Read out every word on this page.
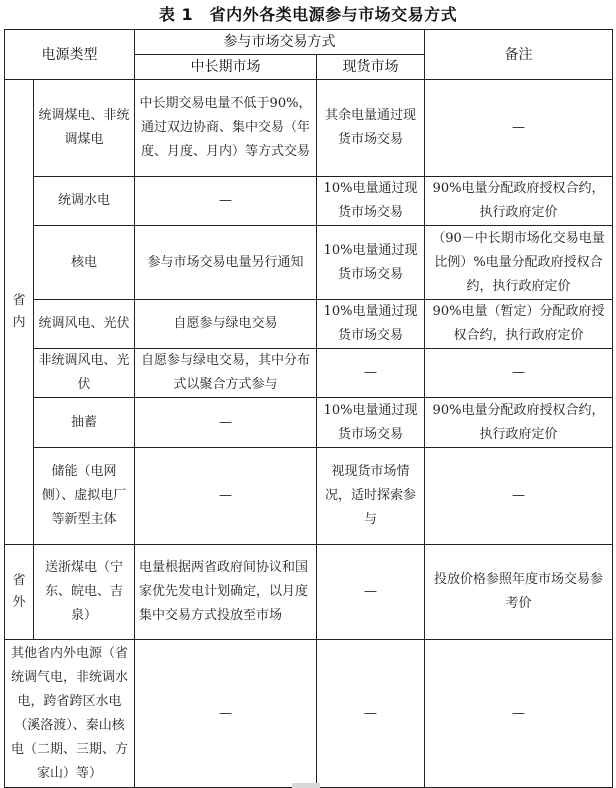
表 1　省内外各类电源参与市场交易方式
电源类型		参与市场交易方式		备注
		中长期市场	现货市场	
省内	统调煤电、非统调煤电	中长期交易电量不低于90%，通过双边协商、集中交易（年度、月度、月内）等方式交易	其余电量通过现货市场交易	—
	统调水电	—	10%电量通过现货市场交易	90%电量分配政府授权合约，执行政府定价
	核电	参与市场交易电量另行通知	10%电量通过现货市场交易	（90－中长期市场化交易电量比例）%电量分配政府授权合约，执行政府定价
	统调风电、光伏	自愿参与绿电交易	10%电量通过现货市场交易	90%电量（暂定）分配政府授权合约，执行政府定价
	非统调风电、光伏	自愿参与绿电交易，其中分布式以聚合方式参与	—	—
	抽蓄	—	10%电量通过现货市场交易	90%电量分配政府授权合约，执行政府定价
	储能（电网侧）、虚拟电厂等新型主体	—	视现货市场情况，适时探索参与	—
省外	送浙煤电（宁东、皖电、吉泉）	电量根据两省政府间协议和国家优先发电计划确定，以月度集中交易方式投放至市场	—	投放价格参照年度市场交易参考价
其他省内外电源（省统调气电，非统调水电，跨省跨区水电（溪洛渡）、秦山核电（二期、三期、方家山）等）		—	—	—
